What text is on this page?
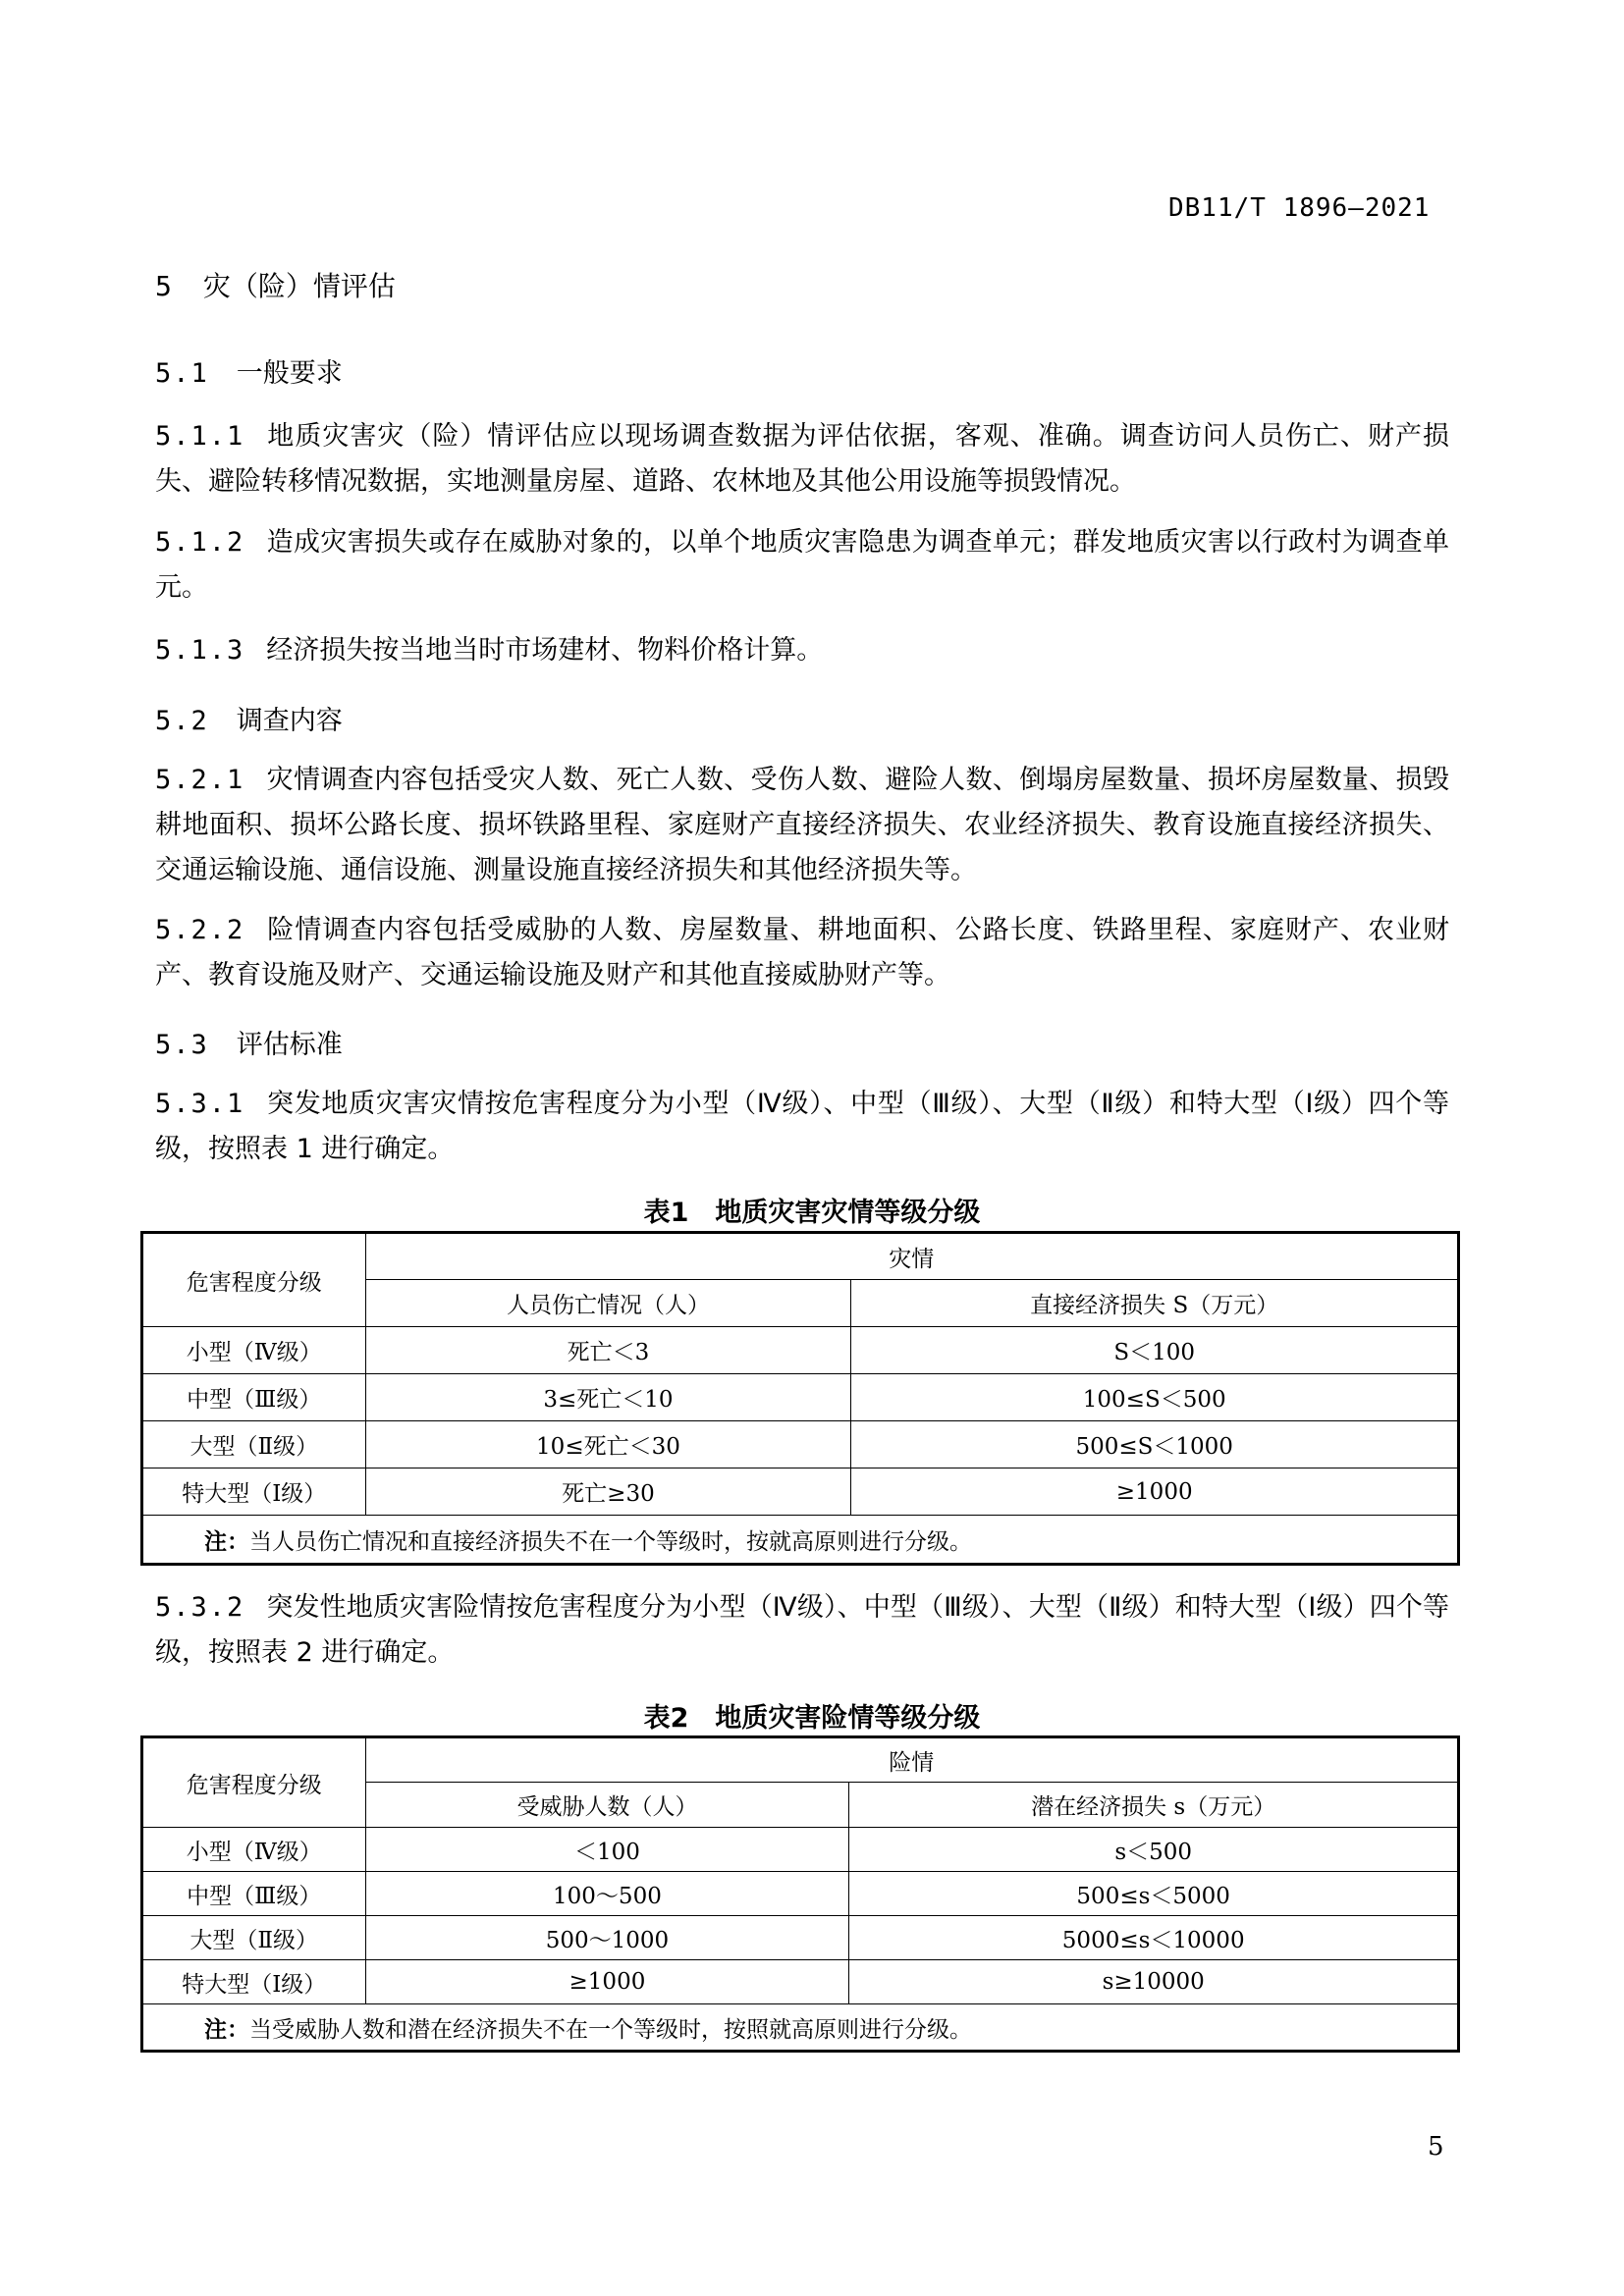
DB11/T 1896—2021
5 灾（险）情评估
5.1 一般要求
5.1.1 地质灾害灾（险）情评估应以现场调查数据为评估依据，客观、准确。调查访问人员伤亡、财产损失、避险转移情况数据，实地测量房屋、道路、农林地及其他公用设施等损毁情况。
5.1.2 造成灾害损失或存在威胁对象的，以单个地质灾害隐患为调查单元；群发地质灾害以行政村为调查单元。
5.1.3 经济损失按当地当时市场建材、物料价格计算。
5.2 调查内容
5.2.1 灾情调查内容包括受灾人数、死亡人数、受伤人数、避险人数、倒塌房屋数量、损坏房屋数量、损毁耕地面积、损坏公路长度、损坏铁路里程、家庭财产直接经济损失、农业经济损失、教育设施直接经济损失、交通运输设施、通信设施、测量设施直接经济损失和其他经济损失等。
5.2.2 险情调查内容包括受威胁的人数、房屋数量、耕地面积、公路长度、铁路里程、家庭财产、农业财产、教育设施及财产、交通运输设施及财产和其他直接威胁财产等。
5.3 评估标准
5.3.1 突发地质灾害灾情按危害程度分为小型（Ⅳ级）、中型（Ⅲ级）、大型（Ⅱ级）和特大型（Ⅰ级）四个等级，按照表 1 进行确定。
表1　地质灾害灾情等级分级
危害程度分级	灾情	
	人员伤亡情况（人）	直接经济损失 S（万元）
小型（Ⅳ级）	死亡＜3	S＜100
中型（Ⅲ级）	3≤死亡＜10	100≤S＜500
大型（Ⅱ级）	10≤死亡＜30	500≤S＜1000
特大型（Ⅰ级）	死亡≥30	≥1000
注：当人员伤亡情况和直接经济损失不在一个等级时，按就高原则进行分级。		
5.3.2 突发性地质灾害险情按危害程度分为小型（Ⅳ级）、中型（Ⅲ级）、大型（Ⅱ级）和特大型（Ⅰ级）四个等级，按照表 2 进行确定。
表2　地质灾害险情等级分级
危害程度分级	险情	
	受威胁人数（人）	潜在经济损失 s（万元）
小型（Ⅳ级）	＜100	s＜500
中型（Ⅲ级）	100～500	500≤s＜5000
大型（Ⅱ级）	500～1000	5000≤s＜10000
特大型（Ⅰ级）	≥1000	s≥10000
注：当受威胁人数和潜在经济损失不在一个等级时，按照就高原则进行分级。		
5
